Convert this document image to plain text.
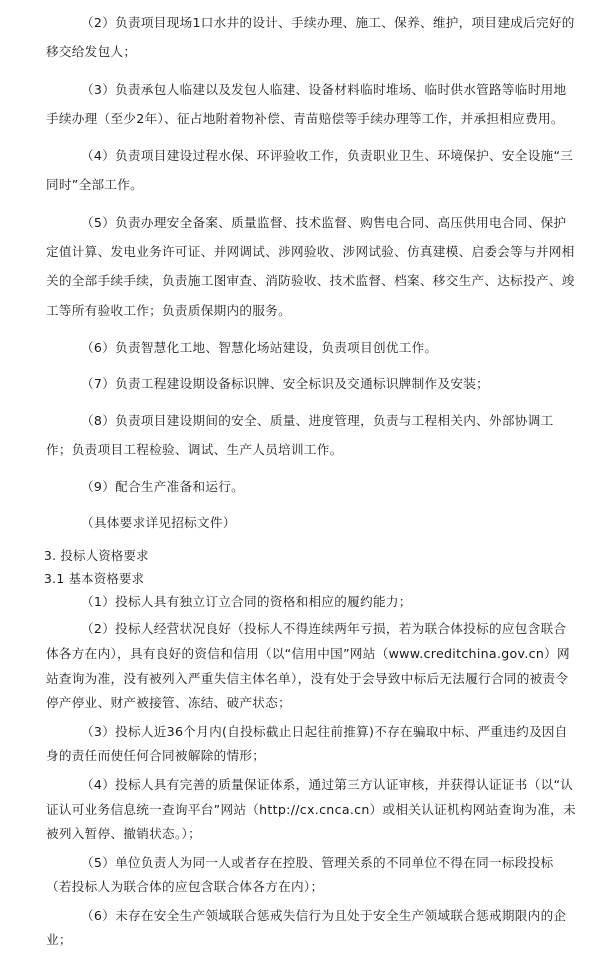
（2）负责项目现场1口水井的设计、手续办理、施工、保养、维护，项目建成后完好的移交给发包人；

（3）负责承包人临建以及发包人临建、设备材料临时堆场、临时供水管路等临时用地手续办理（至少2年）、征占地附着物补偿、青苗赔偿等手续办理等工作，并承担相应费用。

（4）负责项目建设过程水保、环评验收工作，负责职业卫生、环境保护、安全设施“三同时”全部工作。

（5）负责办理安全备案、质量监督、技术监督、购售电合同、高压供用电合同、保护定值计算、发电业务许可证、并网调试、涉网验收、涉网试验、仿真建模、启委会等与并网相关的全部手续手续，负责施工图审查、消防验收、技术监督、档案、移交生产、达标投产、竣工等所有验收工作；负责质保期内的服务。

（6）负责智慧化工地、智慧化场站建设，负责项目创优工作。

（7）负责工程建设期设备标识牌、安全标识及交通标识牌制作及安装；

（8）负责项目建设期间的安全、质量、进度管理，负责与工程相关内、外部协调工作；负责项目工程检验、调试、生产人员培训工作。

（9）配合生产准备和运行。

（具体要求详见招标文件）

3. 投标人资格要求

3.1 基本资格要求

（1）投标人具有独立订立合同的资格和相应的履约能力；

（2）投标人经营状况良好（投标人不得连续两年亏损，若为联合体投标的应包含联合体各方在内），具有良好的资信和信用（以“信用中国”网站（www.creditchina.gov.cn）网站查询为准，没有被列入严重失信主体名单），没有处于会导致中标后无法履行合同的被责令停产停业、财产被接管、冻结、破产状态；

（3）投标人近36个月内(自投标截止日起往前推算)不存在骗取中标、严重违约及因自身的责任而使任何合同被解除的情形；

（4）投标人具有完善的质量保证体系，通过第三方认证审核，并获得认证证书（以“认证认可业务信息统一查询平台”网站（http://cx.cnca.cn）或相关认证机构网站查询为准，未被列入暂停、撤销状态。）；

（5）单位负责人为同一人或者存在控股、管理关系的不同单位不得在同一标段投标（若投标人为联合体的应包含联合体各方在内）；

（6）未存在安全生产领域联合惩戒失信行为且处于安全生产领域联合惩戒期限内的企业；
